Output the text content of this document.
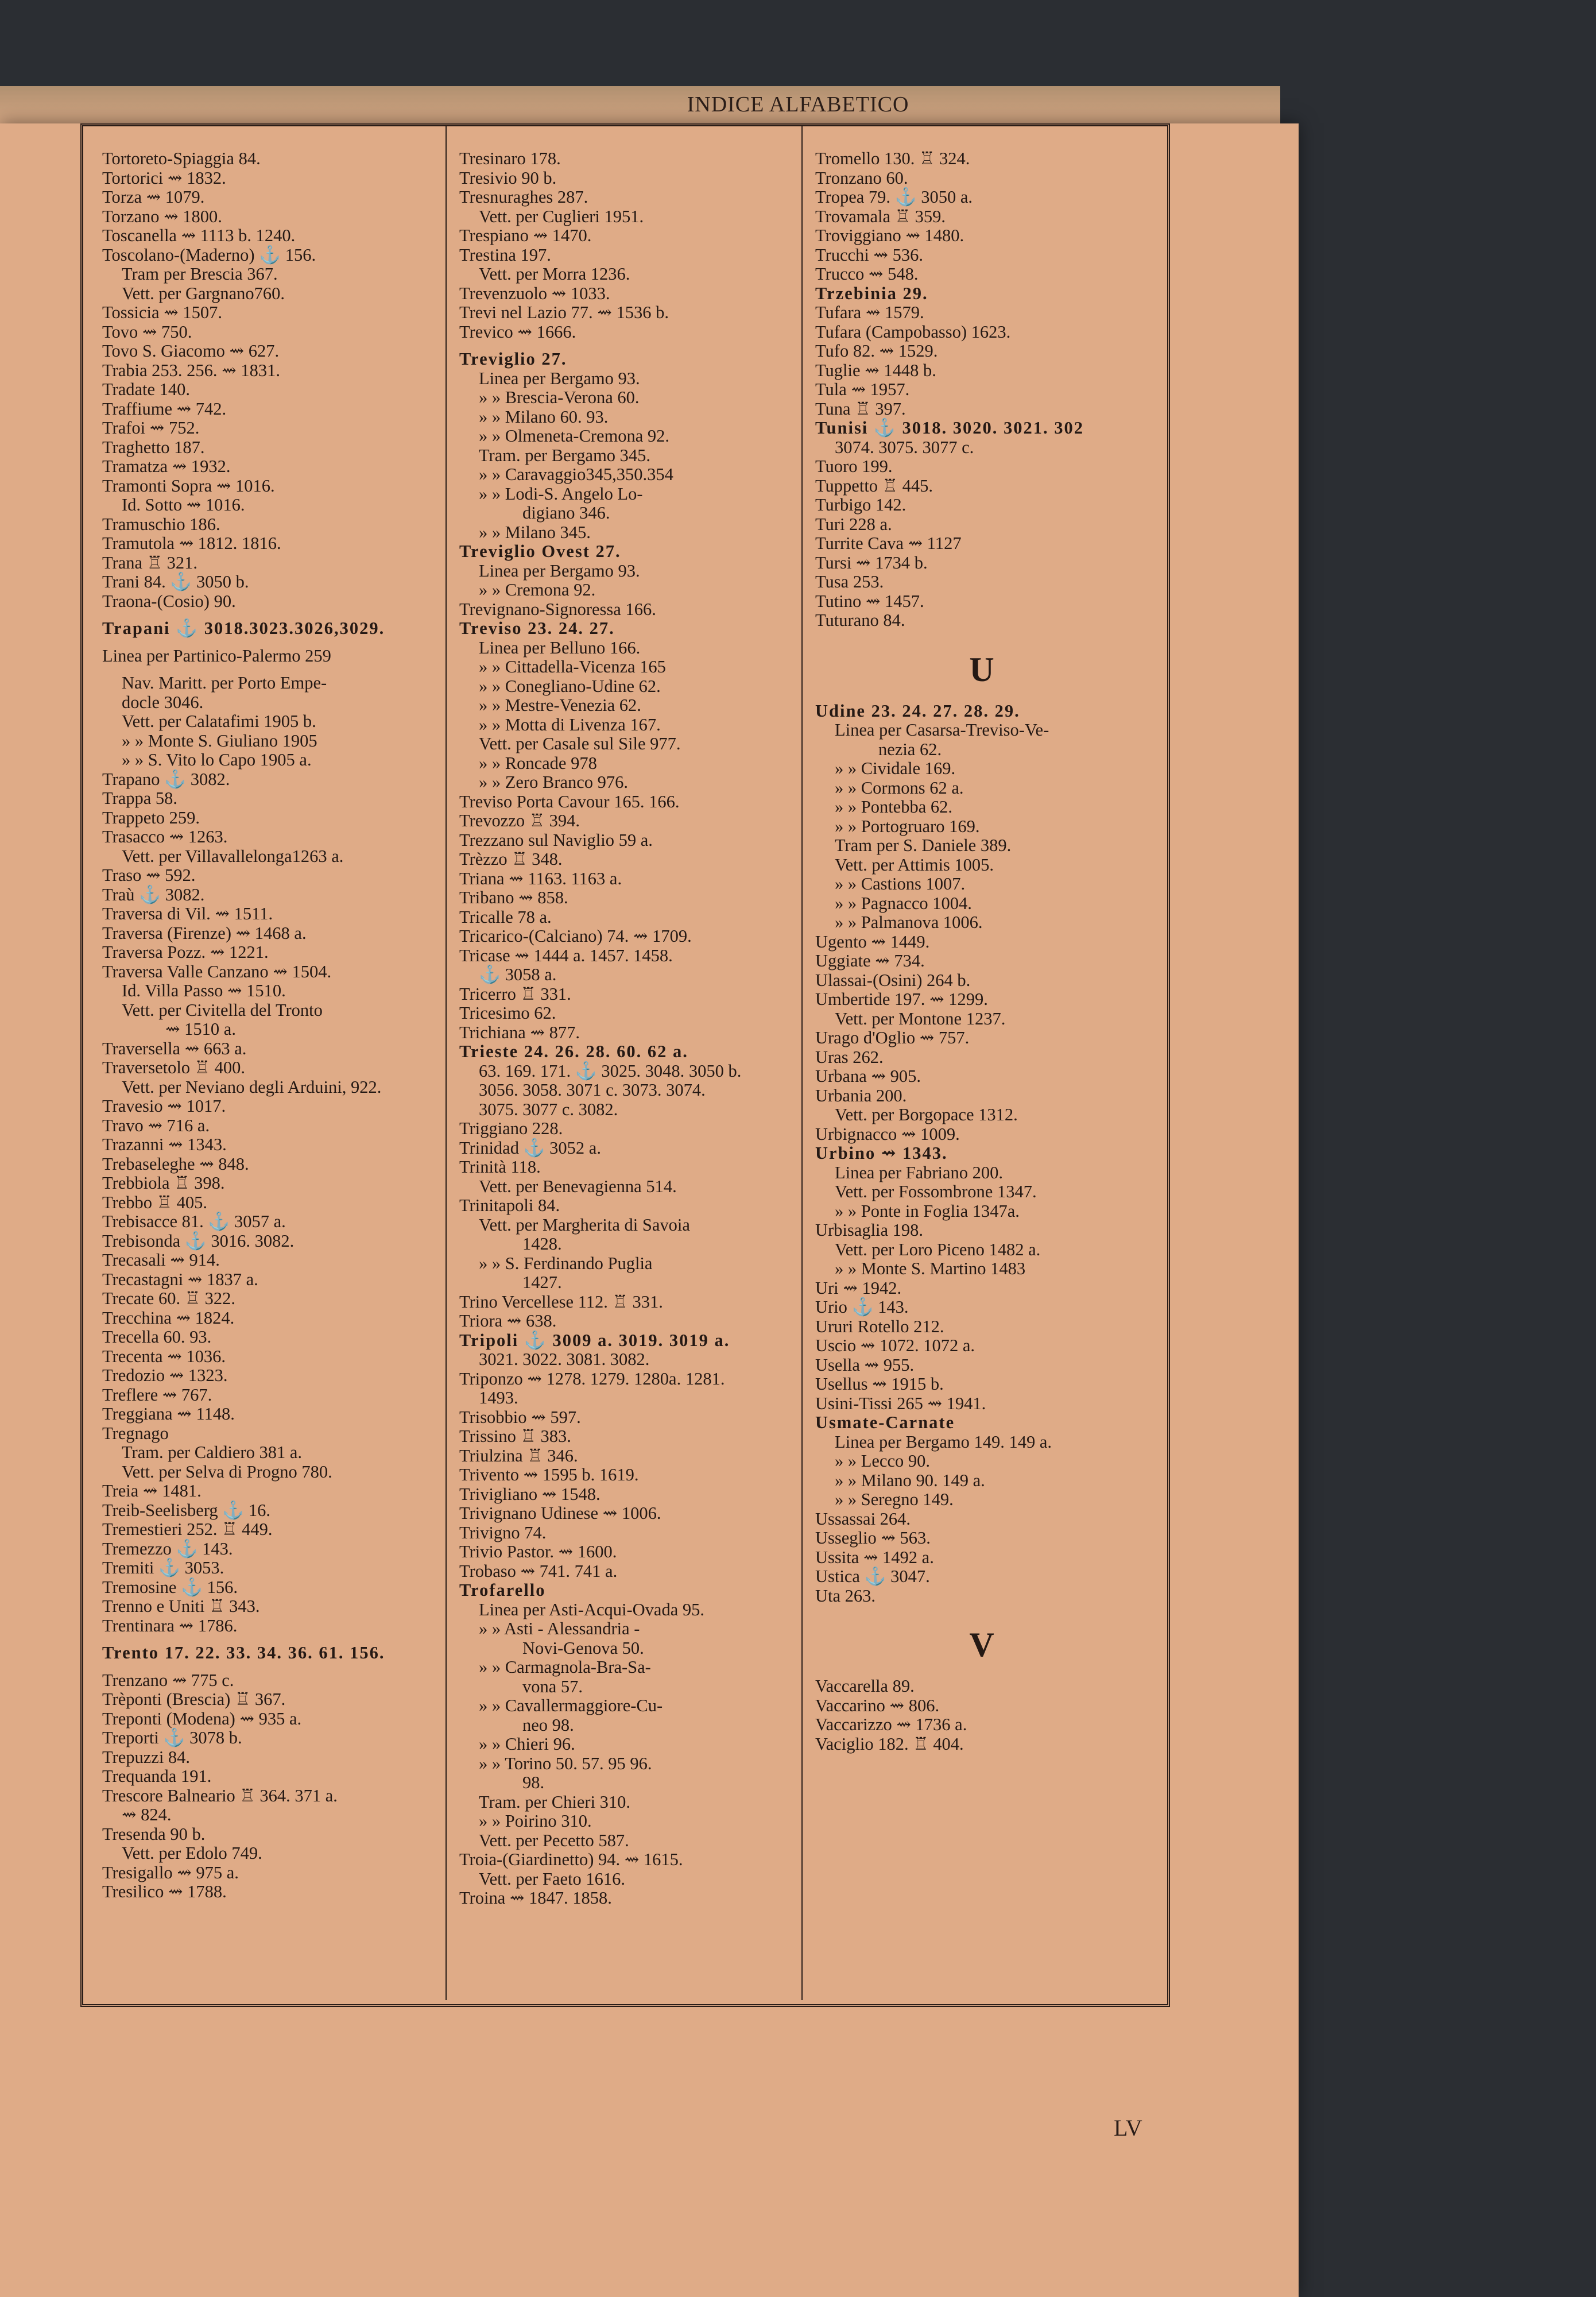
INDICE ALFABETICO
Tortoreto-Spiaggia 84.
Tortorici ⇝ 1832.
Torza ⇝ 1079.
Torzano ⇝ 1800.
Toscanella ⇝ 1113 b. 1240.
Toscolano-(Maderno) ⚓ 156.
Tram per Brescia 367.
Vett. per Gargnano760.
Tossicia ⇝ 1507.
Tovo ⇝ 750.
Tovo S. Giacomo ⇝ 627.
Trabia 253. 256. ⇝ 1831.
Tradate 140.
Traffiume ⇝ 742.
Trafoi ⇝ 752.
Traghetto 187.
Tramatza ⇝ 1932.
Tramonti Sopra ⇝ 1016.
Id. Sotto ⇝ 1016.
Tramuschio 186.
Tramutola ⇝ 1812. 1816.
Trana ♖ 321.
Trani 84. ⚓ 3050 b.
Traona-(Cosio) 90.
Trapani ⚓ 3018.3023.3026,3029.
Linea per Partinico-Palermo 259
Nav. Maritt. per Porto Empe-
docle 3046.
Vett. per Calatafimi 1905 b.
» » Monte S. Giuliano 1905
» » S. Vito lo Capo 1905 a.
Trapano ⚓ 3082.
Trappa 58.
Trappeto 259.
Trasacco ⇝ 1263.
Vett. per Villavallelonga1263 a.
Traso ⇝ 592.
Traù ⚓ 3082.
Traversa di Vil. ⇝ 1511.
Traversa (Firenze) ⇝ 1468 a.
Traversa Pozz. ⇝ 1221.
Traversa Valle Canzano ⇝ 1504.
Id. Villa Passo ⇝ 1510.
Vett. per Civitella del Tronto
⇝ 1510 a.
Traversella ⇝ 663 a.
Traversetolo ♖ 400.
Vett. per Neviano degli Arduini, 922.
Travesio ⇝ 1017.
Travo ⇝ 716 a.
Trazanni ⇝ 1343.
Trebaseleghe ⇝ 848.
Trebbiola ♖ 398.
Trebbo ♖ 405.
Trebisacce 81. ⚓ 3057 a.
Trebisonda ⚓ 3016. 3082.
Trecasali ⇝ 914.
Trecastagni ⇝ 1837 a.
Trecate 60. ♖ 322.
Trecchina ⇝ 1824.
Trecella 60. 93.
Trecenta ⇝ 1036.
Tredozio ⇝ 1323.
Treflere ⇝ 767.
Treggiana ⇝ 1148.
Tregnago
Tram. per Caldiero 381 a.
Vett. per Selva di Progno 780.
Treia ⇝ 1481.
Treib-Seelisberg ⚓ 16.
Tremestieri 252. ♖ 449.
Tremezzo ⚓ 143.
Tremiti ⚓ 3053.
Tremosine ⚓ 156.
Trenno e Uniti ♖ 343.
Trentinara ⇝ 1786.
Trento 17. 22. 33. 34. 36. 61. 156.
Trenzano ⇝ 775 c.
Trèponti (Brescia) ♖ 367.
Treponti (Modena) ⇝ 935 a.
Treporti ⚓ 3078 b.
Trepuzzi 84.
Trequanda 191.
Trescore Balneario ♖ 364. 371 a.
⇝ 824.
Tresenda 90 b.
Vett. per Edolo 749.
Tresigallo ⇝ 975 a.
Tresilico ⇝ 1788.
Tresinaro 178.
Tresivio 90 b.
Tresnuraghes 287.
Vett. per Cuglieri 1951.
Trespiano ⇝ 1470.
Trestina 197.
Vett. per Morra 1236.
Trevenzuolo ⇝ 1033.
Trevi nel Lazio 77. ⇝ 1536 b.
Trevico ⇝ 1666.
Treviglio 27.
Linea per Bergamo 93.
» » Brescia-Verona 60.
» » Milano 60. 93.
» » Olmeneta-Cremona 92.
Tram. per Bergamo 345.
» » Caravaggio345,350.354
» » Lodi-S. Angelo Lo-
digiano 346.
» » Milano 345.
Treviglio Ovest 27.
Linea per Bergamo 93.
» » Cremona 92.
Trevignano-Signoressa 166.
Treviso 23. 24. 27.
Linea per Belluno 166.
» » Cittadella-Vicenza 165
» » Conegliano-Udine 62.
» » Mestre-Venezia 62.
» » Motta di Livenza 167.
Vett. per Casale sul Sile 977.
» » Roncade 978
» » Zero Branco 976.
Treviso Porta Cavour 165. 166.
Trevozzo ♖ 394.
Trezzano sul Naviglio 59 a.
Trèzzo ♖ 348.
Triana ⇝ 1163. 1163 a.
Tribano ⇝ 858.
Tricalle 78 a.
Tricarico-(Calciano) 74. ⇝ 1709.
Tricase ⇝ 1444 a. 1457. 1458.
⚓ 3058 a.
Tricerro ♖ 331.
Tricesimo 62.
Trichiana ⇝ 877.
Trieste 24. 26. 28. 60. 62 a.
63. 169. 171. ⚓ 3025. 3048. 3050 b.
3056. 3058. 3071 c. 3073. 3074.
3075. 3077 c. 3082.
Triggiano 228.
Trinidad ⚓ 3052 a.
Trinità 118.
Vett. per Benevagienna 514.
Trinitapoli 84.
Vett. per Margherita di Savoia
1428.
» » S. Ferdinando Puglia
1427.
Trino Vercellese 112. ♖ 331.
Triora ⇝ 638.
Tripoli ⚓ 3009 a. 3019. 3019 a.
3021. 3022. 3081. 3082.
Triponzo ⇝ 1278. 1279. 1280a. 1281.
1493.
Trisobbio ⇝ 597.
Trissino ♖ 383.
Triulzina ♖ 346.
Trivento ⇝ 1595 b. 1619.
Trivigliano ⇝ 1548.
Trivignano Udinese ⇝ 1006.
Trivigno 74.
Trivio Pastor. ⇝ 1600.
Trobaso ⇝ 741. 741 a.
Trofarello
Linea per Asti-Acqui-Ovada 95.
» » Asti - Alessandria -
Novi-Genova 50.
» » Carmagnola-Bra-Sa-
vona 57.
» » Cavallermaggiore-Cu-
neo 98.
» » Chieri 96.
» » Torino 50. 57. 95 96.
98.
Tram. per Chieri 310.
» » Poirino 310.
Vett. per Pecetto 587.
Troia-(Giardinetto) 94. ⇝ 1615.
Vett. per Faeto 1616.
Troina ⇝ 1847. 1858.
Tromello 130. ♖ 324.
Tronzano 60.
Tropea 79. ⚓ 3050 a.
Trovamala ♖ 359.
Troviggiano ⇝ 1480.
Trucchi ⇝ 536.
Trucco ⇝ 548.
Trzebinia 29.
Tufara ⇝ 1579.
Tufara (Campobasso) 1623.
Tufo 82. ⇝ 1529.
Tuglie ⇝ 1448 b.
Tula ⇝ 1957.
Tuna ♖ 397.
Tunisi ⚓ 3018. 3020. 3021. 302
3074. 3075. 3077 c.
Tuoro 199.
Tuppetto ♖ 445.
Turbigo 142.
Turi 228 a.
Turrite Cava ⇝ 1127
Tursi ⇝ 1734 b.
Tusa 253.
Tutino ⇝ 1457.
Tuturano 84.
U
Udine 23. 24. 27. 28. 29.
Linea per Casarsa-Treviso-Ve-
nezia 62.
» » Cividale 169.
» » Cormons 62 a.
» » Pontebba 62.
» » Portogruaro 169.
Tram per S. Daniele 389.
Vett. per Attimis 1005.
» » Castions 1007.
» » Pagnacco 1004.
» » Palmanova 1006.
Ugento ⇝ 1449.
Uggiate ⇝ 734.
Ulassai-(Osini) 264 b.
Umbertide 197. ⇝ 1299.
Vett. per Montone 1237.
Urago d'Oglio ⇝ 757.
Uras 262.
Urbana ⇝ 905.
Urbania 200.
Vett. per Borgopace 1312.
Urbignacco ⇝ 1009.
Urbino ⇝ 1343.
Linea per Fabriano 200.
Vett. per Fossombrone 1347.
» » Ponte in Foglia 1347a.
Urbisaglia 198.
Vett. per Loro Piceno 1482 a.
» » Monte S. Martino 1483
Uri ⇝ 1942.
Urio ⚓ 143.
Ururi Rotello 212.
Uscio ⇝ 1072. 1072 a.
Usella ⇝ 955.
Usellus ⇝ 1915 b.
Usini-Tissi 265 ⇝ 1941.
Usmate-Carnate
Linea per Bergamo 149. 149 a.
» » Lecco 90.
» » Milano 90. 149 a.
» » Seregno 149.
Ussassai 264.
Usseglio ⇝ 563.
Ussita ⇝ 1492 a.
Ustica ⚓ 3047.
Uta 263.
V
Vaccarella 89.
Vaccarino ⇝ 806.
Vaccarizzo ⇝ 1736 a.
Vaciglio 182. ♖ 404.
LV
